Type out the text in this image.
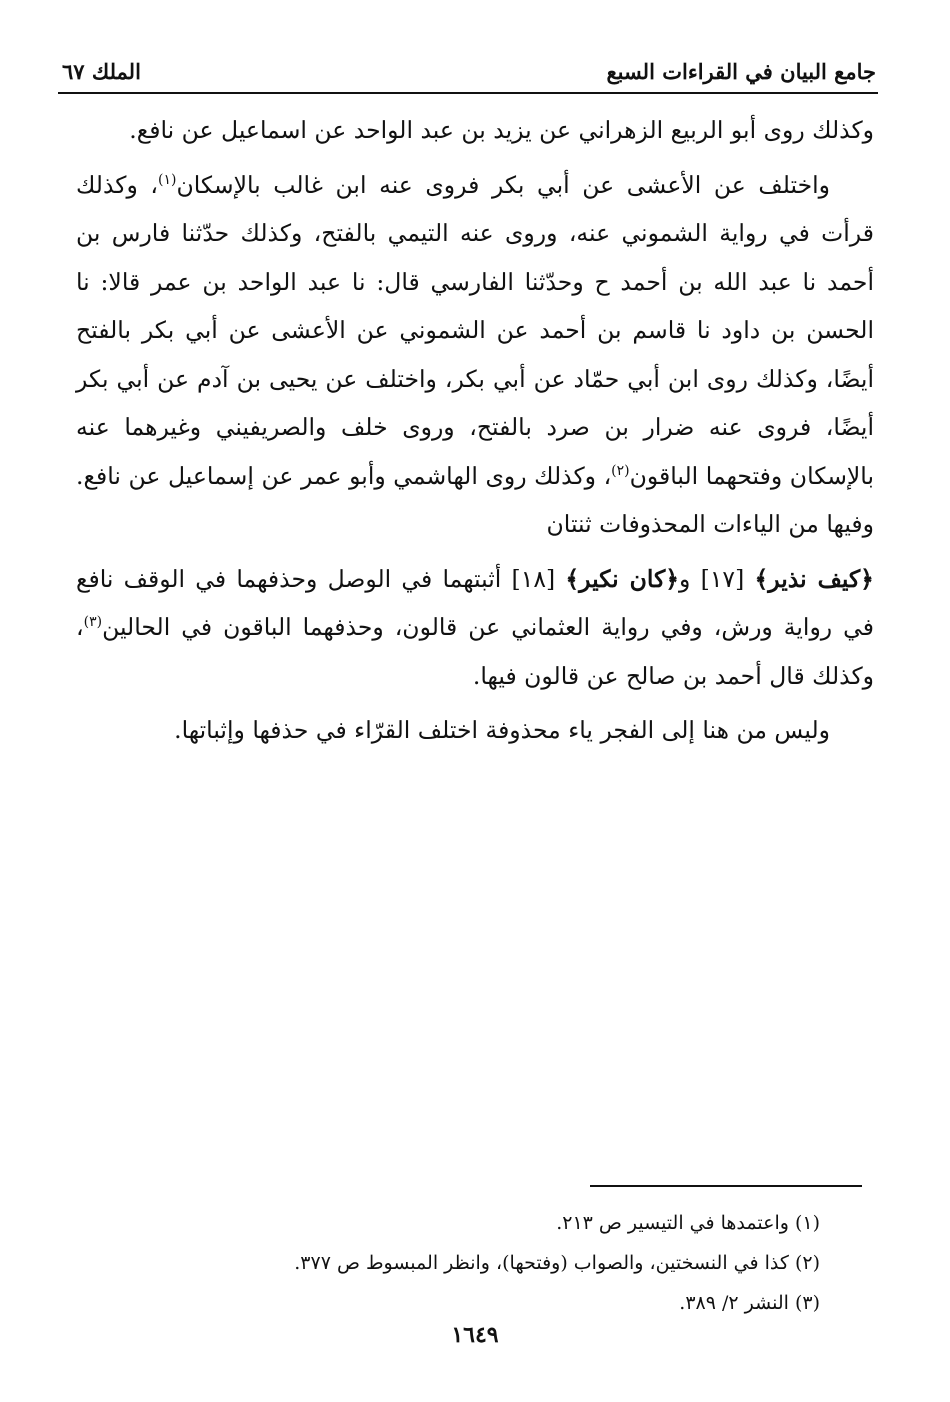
جامع البيان في القراءات السبع
الملك ٦٧

وكذلك روى أبو الربيع الزهراني عن يزيد بن عبد الواحد عن اسماعيل عن نافع.

واختلف عن الأعشى عن أبي بكر فروى عنه ابن غالب بالإسكان$^{(١)}$، وكذلك قرأت في رواية الشموني عنه، وروى عنه التيمي بالفتح، وكذلك حدّثنا فارس بن أحمد نا عبد الله بن أحمد ح وحدّثنا الفارسي قال: نا عبد الواحد بن عمر قالا: نا الحسن بن داود نا قاسم بن أحمد عن الشموني عن الأعشى عن أبي بكر بالفتح أيضًا، وكذلك روى ابن أبي حمّاد عن أبي بكر، واختلف عن يحيى بن آدم عن أبي بكر أيضًا، فروى عنه ضرار بن صرد بالفتح، وروى خلف والصريفيني وغيرهما عنه بالإسكان وفتحهما الباقون$^{(٢)}$، وكذلك روى الهاشمي وأبو عمر عن إسماعيل عن نافع. وفيها من الياءات المحذوفات ثنتان

﴿كيف نذير﴾ [١٧] و﴿كان نكير﴾ [١٨] أثبتهما في الوصل وحذفهما في الوقف نافع في رواية ورش، وفي رواية العثماني عن قالون، وحذفهما الباقون في الحالين$^{(٣)}$، وكذلك قال أحمد بن صالح عن قالون فيها.

وليس من هنا إلى الفجر ياء محذوفة اختلف القرّاء في حذفها وإثباتها.

(١) واعتمدها في التيسير ص ٢١٣.
(٢) كذا في النسختين، والصواب (وفتحها)، وانظر المبسوط ص ٣٧٧.
(٣) النشر ٢/ ٣٨٩.
١٦٤٩
